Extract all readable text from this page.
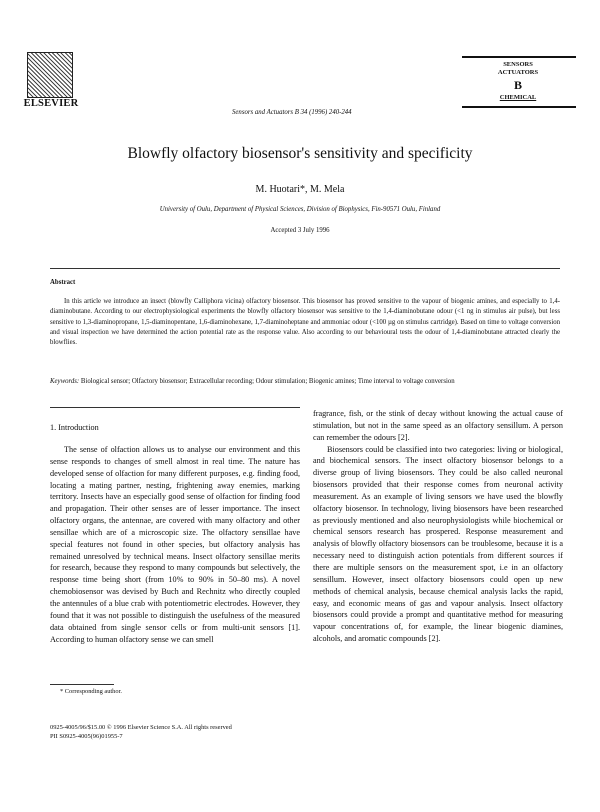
ELSEVIER
Sensors and Actuators B 34 (1996) 240-244
SENSORS
ACTUATORS
B
CHEMICAL
Blowfly olfactory biosensor's sensitivity and specificity
M. Huotari*, M. Mela
University of Oulu, Department of Physical Sciences, Division of Biophysics, Fin-90571 Oulu, Finland
Accepted 3 July 1996
Abstract
In this article we introduce an insect (blowfly Calliphora vicina) olfactory biosensor. This biosensor has proved sensitive to the vapour of biogenic amines, and especially to 1,4-diaminobutane. According to our electrophysiological experiments the blowfly olfactory biosensor was sensitive to the 1,4-diaminobutane odour (<1 ng in stimulus air pulse), but less sensitive to 1,3-diaminopropane, 1,5-diaminopentane, 1,6-diaminohexane, 1,7-diaminoheptane and ammoniac odour (<100 µg on stimulus cartridge). Based on time to voltage conversion and visual inspection we have determined the action potential rate as the response value. Also according to our behavioural tests the odour of 1,4-diaminobutane attracted clearly the blowflies.
Keywords: Biological sensor; Olfactory biosensor; Extracellular recording; Odour stimulation; Biogenic amines; Time interval to voltage conversion
1. Introduction
The sense of olfaction allows us to analyse our environment and this sense responds to changes of smell almost in real time. The nature has developed sense of olfaction for many different purposes, e.g. finding food, locating a mating partner, nesting, frightening away enemies, marking territory. Insects have an especially good sense of olfaction for finding food and propagation. Their other senses are of lesser importance. The insect olfactory organs, the antennae, are covered with many olfactory and other sensillae which are of a microscopic size. The olfactory sensillae have special features not found in other species, but olfactory analysis has remained unresolved by technical means. Insect olfactory sensillae merits for research, because they respond to many compounds but selectively, the response time being short (from 10% to 90% in 50–80 ms). A novel chemobiosensor was devised by Buch and Rechnitz who directly coupled the antennules of a blue crab with potentiometric electrodes. However, they found that it was not possible to distinguish the usefulness of the measured data obtained from single sensor cells or from multi-unit sensors [1]. According to human olfactory sense we can smell

fragrance, fish, or the stink of decay without knowing the actual cause of stimulation, but not in the same speed as an olfactory sensillum. A person can remember the odours [2].

Biosensors could be classified into two categories: living or biological, and biochemical sensors. The insect olfactory biosensor belongs to a diverse group of living biosensors. They could be also called neuronal biosensors provided that their response comes from neuronal activity measurement. As an example of living sensors we have used the blowfly olfactory biosensor. In technology, living biosensors have been researched as previously mentioned and also neurophysiologists while biochemical or chemical sensors research has prospered. Response measurement and analysis of blowfly olfactory biosensors can be troublesome, because it is a necessary need to distinguish action potentials from different sources if there are multiple sensors on the measurement spot, i.e in an olfactory sensillum. However, insect olfactory biosensors could open up new methods of chemical analysis, because chemical analysis lacks the rapid, easy, and economic means of gas and vapour analysis. Insect olfactory biosensors could provide a prompt and quantitative method for measuring vapour concentrations of, for example, the linear biogenic diamines, alcohols, and aromatic compounds [2].

* Corresponding author.
0925-4005/96/$15.00 © 1996 Elsevier Science S.A. All rights reserved
PII S0925-4005(96)01955-7
